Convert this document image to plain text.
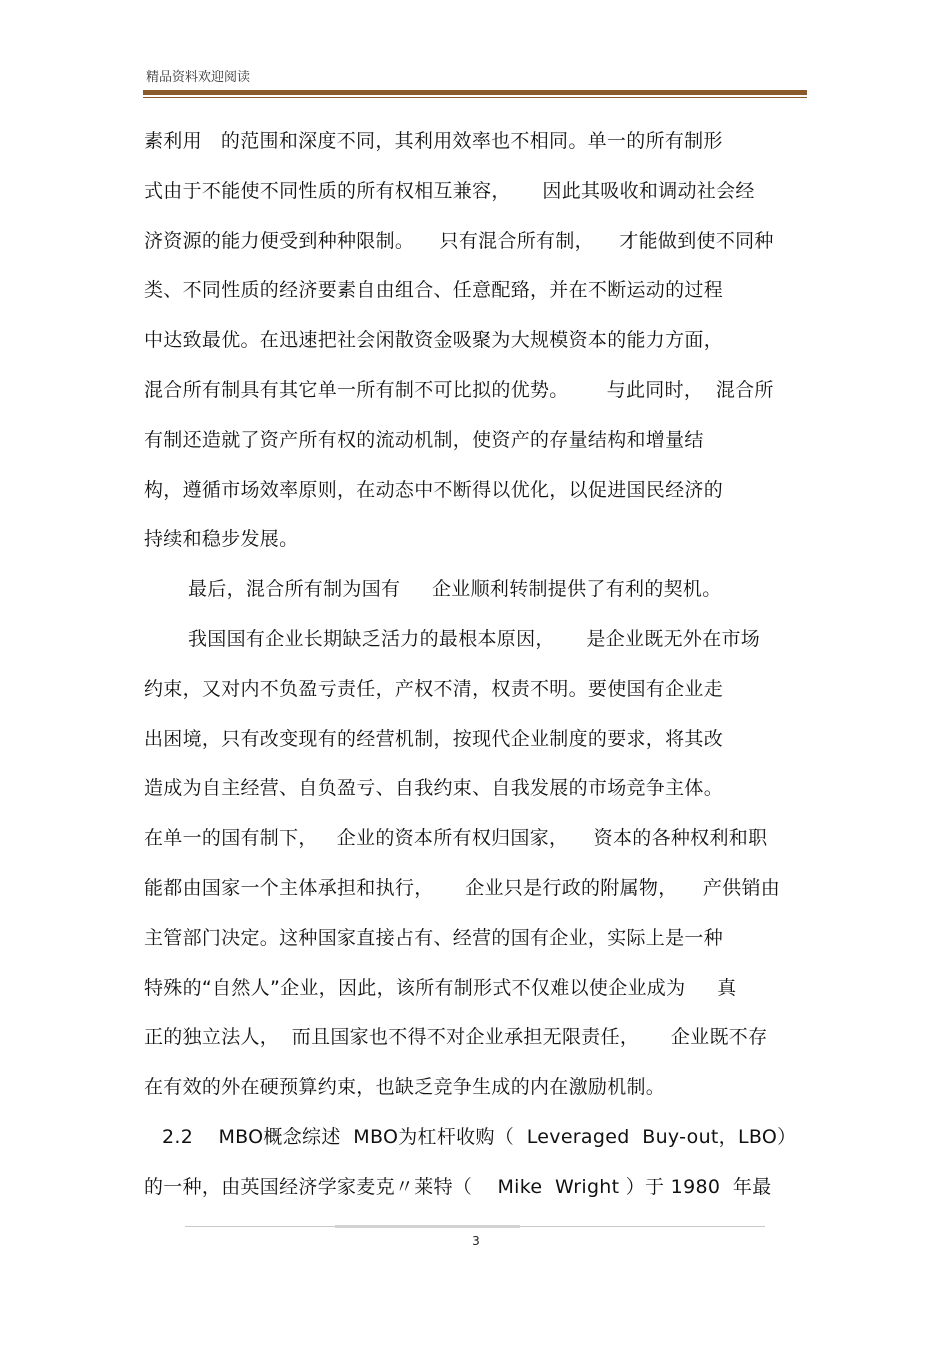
精品资料欢迎阅读
素利用   的范围和深度不同，其利用效率也不相同。单一的所有制形
式由于不能使不同性质的所有权相互兼容，     因此其吸收和调动社会经
济资源的能力便受到种种限制。    只有混合所有制，    才能做到使不同种
类、不同性质的经济要素自由组合、任意配臵，并在不断运动的过程
中达致最优。在迅速把社会闲散资金吸聚为大规模资本的能力方面，
混合所有制具有其它单一所有制不可比拟的优势。      与此同时，  混合所
有制还造就了资产所有权的流动机制，使资产的存量结构和增量结
构，遵循市场效率原则，在动态中不断得以优化，以促进国民经济的
持续和稳步发展。
最后，混合所有制为国有     企业顺利转制提供了有利的契机。
我国国有企业长期缺乏活力的最根本原因，     是企业既无外在市场
约束，又对内不负盈亏责任，产权不清，权责不明。要使国有企业走
出困境，只有改变现有的经营机制，按现代企业制度的要求，将其改
造成为自主经营、自负盈亏、自我约束、自我发展的市场竞争主体。
在单一的国有制下，   企业的资本所有权归国家，    资本的各种权利和职
能都由国家一个主体承担和执行，     企业只是行政的附属物，    产供销由
主管部门决定。这种国家直接占有、经营的国有企业，实际上是一种
特殊的“自然人”企业，因此，该所有制形式不仅难以使企业成为     真
正的独立法人，  而且国家也不得不对企业承担无限责任，     企业既不存
在有效的外在硬预算约束，也缺乏竞争生成的内在激励机制。
2.2    MBO概念综述  MBO为杠杆收购（  Leveraged  Buy-out，LBO）
的一种，由英国经济学家麦克〃莱特（    Mike  Wright ）于 1980  年最
3
